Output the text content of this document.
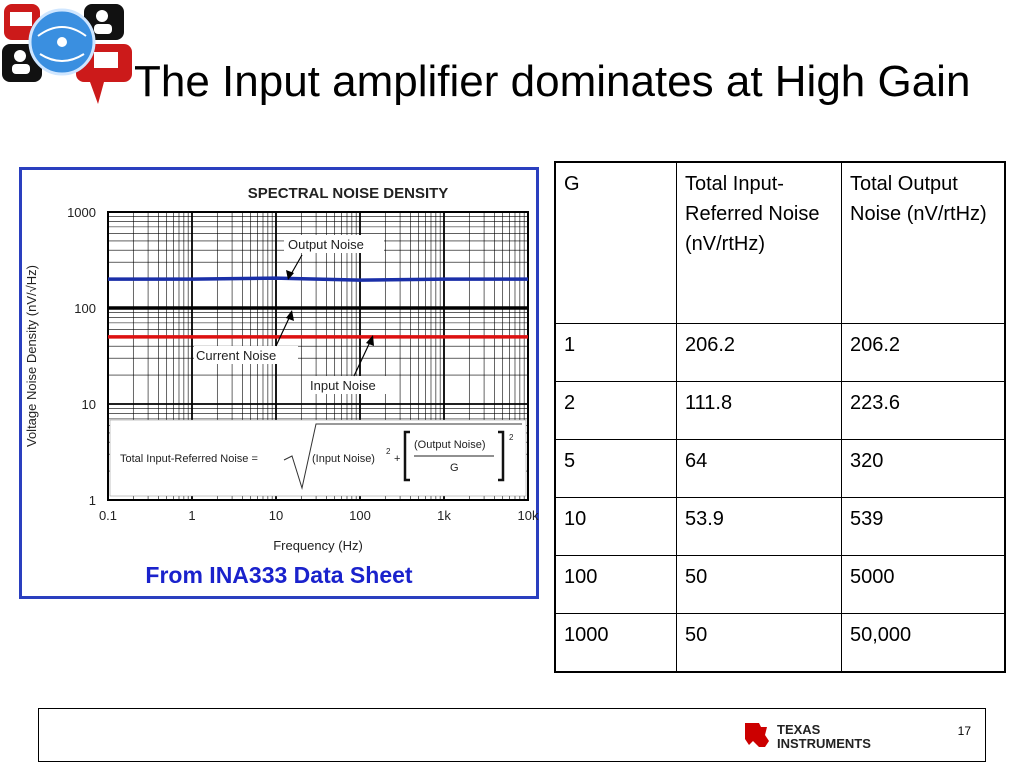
The Input amplifier dominates at High Gain
SPECTRAL NOISE DENSITY
0.1	1	10	100	1k	10k
1
10
100
1000
Voltage Noise Density (nV/√Hz)
Frequency (Hz)
Output Noise
Current Noise
Input Noise
Total Input-Referred Noise =	(Input Noise)
2
+
(Output Noise)
G
2
From INA333 Data Sheet
G	Total Input-Referred Noise (nV/rtHz)	Total Output Noise (nV/rtHz)
1	206.2	206.2
2	111.8	223.6
5	64	320
10	53.9	539
100	50	5000
1000	50	50,000
TEXAS
INSTRUMENTS
17
